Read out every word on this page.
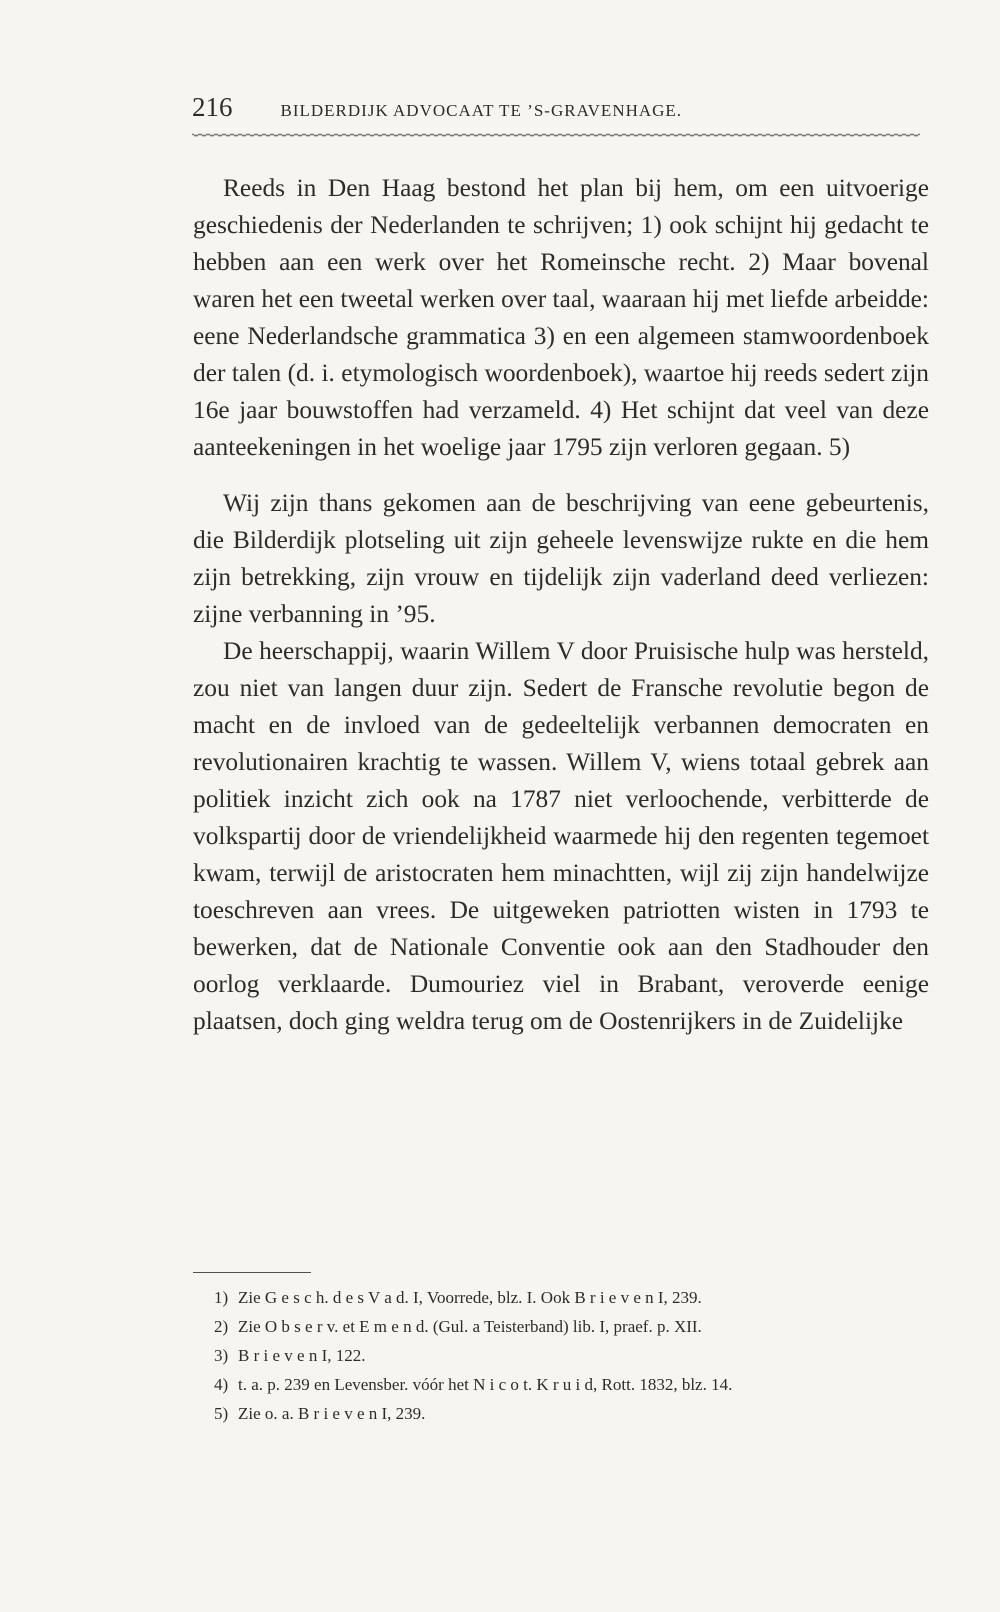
216	BILDERDIJK ADVOCAAT TE ’S-GRAVENHAGE.

Reeds in Den Haag bestond het plan bij hem, om een uitvoerige geschiedenis der Nederlanden te schrijven; 1) ook schijnt hij gedacht te hebben aan een werk over het Romeinsche recht. 2) Maar bovenal waren het een tweetal werken over taal, waaraan hij met liefde arbeidde: eene Nederlandsche grammatica 3) en een algemeen stamwoordenboek der talen (d. i. etymologisch woordenboek), waartoe hij reeds sedert zijn 16e jaar bouwstoffen had verzameld. 4) Het schijnt dat veel van deze aanteekeningen in het woelige jaar 1795 zijn verloren gegaan. 5)

Wij zijn thans gekomen aan de beschrijving van eene gebeurtenis, die Bilderdijk plotseling uit zijn geheele levenswijze rukte en die hem zijn betrekking, zijn vrouw en tijdelijk zijn vaderland deed verliezen: zijne verbanning in ’95.

De heerschappij, waarin Willem V door Pruisische hulp was hersteld, zou niet van langen duur zijn. Sedert de Fransche revolutie begon de macht en de invloed van de gedeeltelijk verbannen democraten en revolutionairen krachtig te wassen. Willem V, wiens totaal gebrek aan politiek inzicht zich ook na 1787 niet verloochende, verbitterde de volkspartij door de vriendelijkheid waarmede hij den regenten tegemoet kwam, terwijl de aristocraten hem minachtten, wijl zij zijn handelwijze toeschreven aan vrees. De uitgeweken patriotten wisten in 1793 te bewerken, dat de Nationale Conventie ook aan den Stadhouder den oorlog verklaarde. Dumouriez viel in Brabant, veroverde eenige plaatsen, doch ging weldra terug om de Oostenrijkers in de Zuidelijke

1) Zie G e s c h. d e s V a d. I, Voorrede, blz. I. Ook B r i e v e n I, 239.
2) Zie O b s e r v. et E m e n d. (Gul. a Teisterband) lib. I, praef. p. XII.
3) B r i e v e n I, 122.
4) t. a. p. 239 en Levensber. vóór het N i c o t. K r u i d, Rott. 1832, blz. 14.
5) Zie o. a. B r i e v e n I, 239.
